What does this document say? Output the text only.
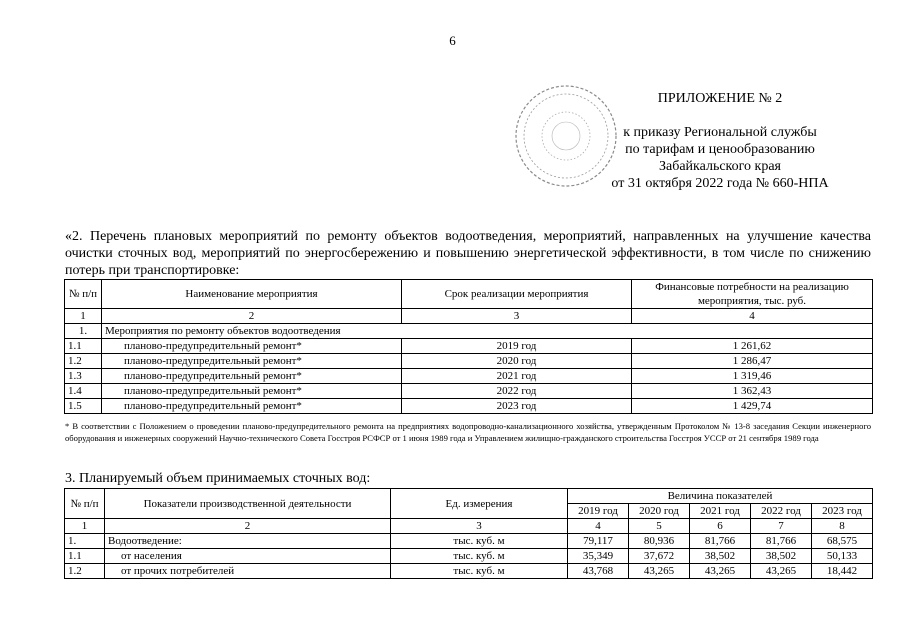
6
ПРИЛОЖЕНИЕ № 2
к приказу Региональной службы
по тарифам и ценообразованию
Забайкальского края
от 31 октября 2022 года № 660-НПА
«2. Перечень плановых мероприятий по ремонту объектов водоотведения, мероприятий, направленных на улучшение качества очистки сточных вод, мероприятий по энергосбережению и повышению энергетической эффективности, в том числе по снижению потерь при транспортировке:
№ п/п	Наименование мероприятия	Срок реализации мероприятия	Финансовые потребности на реализацию мероприятия, тыс. руб.
1	2	3	4
1.	Мероприятия по ремонту объектов водоотведения		
1.1	планово-предупредительный ремонт*	2019 год	1 261,62
1.2	планово-предупредительный ремонт*	2020 год	1 286,47
1.3	планово-предупредительный ремонт*	2021 год	1 319,46
1.4	планово-предупредительный ремонт*	2022 год	1 362,43
1.5	планово-предупредительный ремонт*	2023 год	1 429,74
* В соответствии с Положением о проведении планово-предупредительного ремонта на предприятиях водопроводно-канализационного хозяйства, утвержденным Протоколом № 13-8 заседания Секции инженерного оборудования и инженерных сооружений Научно-технического Совета Госстроя РСФСР от 1 июня 1989 года и Управлением жилищно-гражданского строительства Госстроя УССР от 21 сентября 1989 года
3. Планируемый объем принимаемых сточных вод:
№ п/п	Показатели производственной деятельности	Ед. измерения	Величина показателей				
			2019 год	2020 год	2021 год	2022 год	2023 год
1	2	3	4	5	6	7	8
1.	Водоотведение:	тыс. куб. м	79,117	80,936	81,766	81,766	68,575
1.1	от населения	тыс. куб. м	35,349	37,672	38,502	38,502	50,133
1.2	от прочих потребителей	тыс. куб. м	43,768	43,265	43,265	43,265	18,442
